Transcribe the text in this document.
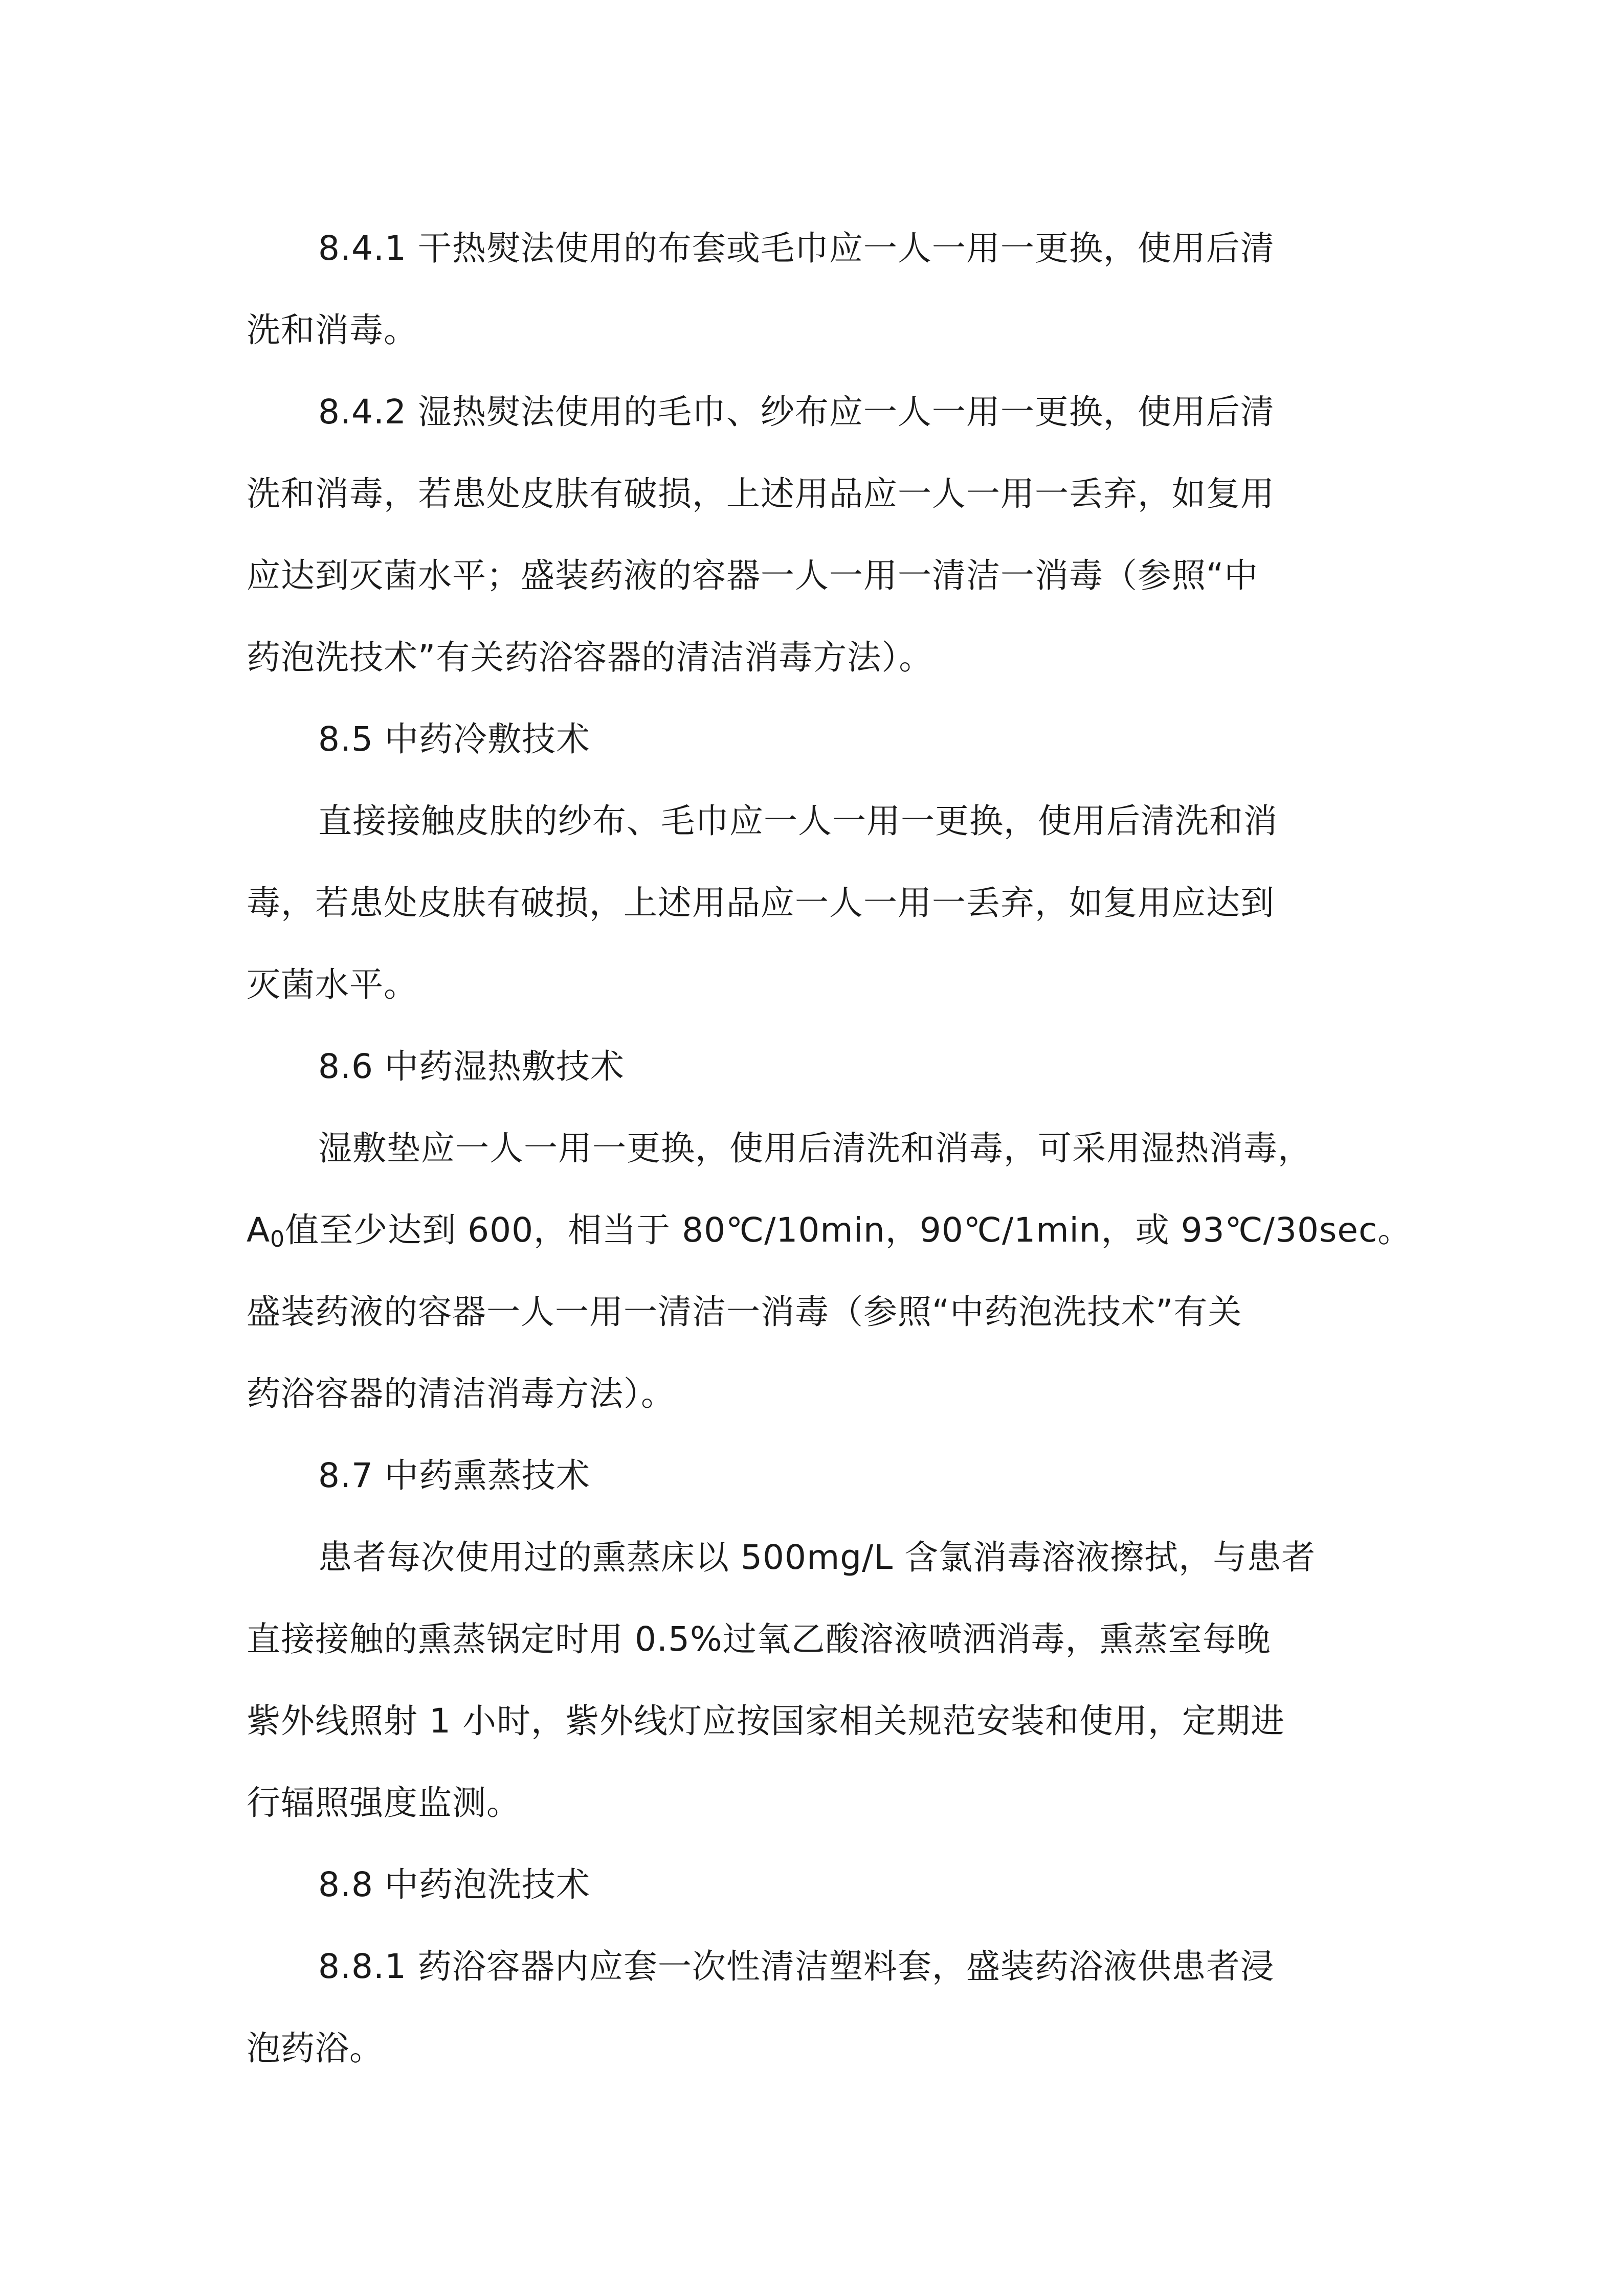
8.4.1 干热熨法使用的布套或毛巾应一人一用一更换，使用后清
洗和消毒。
8.4.2 湿热熨法使用的毛巾、纱布应一人一用一更换，使用后清
洗和消毒，若患处皮肤有破损，上述用品应一人一用一丢弃，如复用
应达到灭菌水平；盛装药液的容器一人一用一清洁一消毒（参照“中
药泡洗技术”有关药浴容器的清洁消毒方法）。
8.5 中药冷敷技术
直接接触皮肤的纱布、毛巾应一人一用一更换，使用后清洗和消
毒，若患处皮肤有破损，上述用品应一人一用一丢弃，如复用应达到
灭菌水平。
8.6 中药湿热敷技术
湿敷垫应一人一用一更换，使用后清洗和消毒，可采用湿热消毒，
$A_0$值至少达到 600，相当于 80℃/10min，90℃/1min，或 93℃/30sec。
盛装药液的容器一人一用一清洁一消毒（参照“中药泡洗技术”有关
药浴容器的清洁消毒方法）。
8.7 中药熏蒸技术
患者每次使用过的熏蒸床以 500mg/L 含氯消毒溶液擦拭，与患者
直接接触的熏蒸锅定时用 0.5%过氧乙酸溶液喷洒消毒，熏蒸室每晚
紫外线照射 1 小时，紫外线灯应按国家相关规范安装和使用，定期进
行辐照强度监测。
8.8 中药泡洗技术
8.8.1 药浴容器内应套一次性清洁塑料套，盛装药浴液供患者浸
泡药浴。
